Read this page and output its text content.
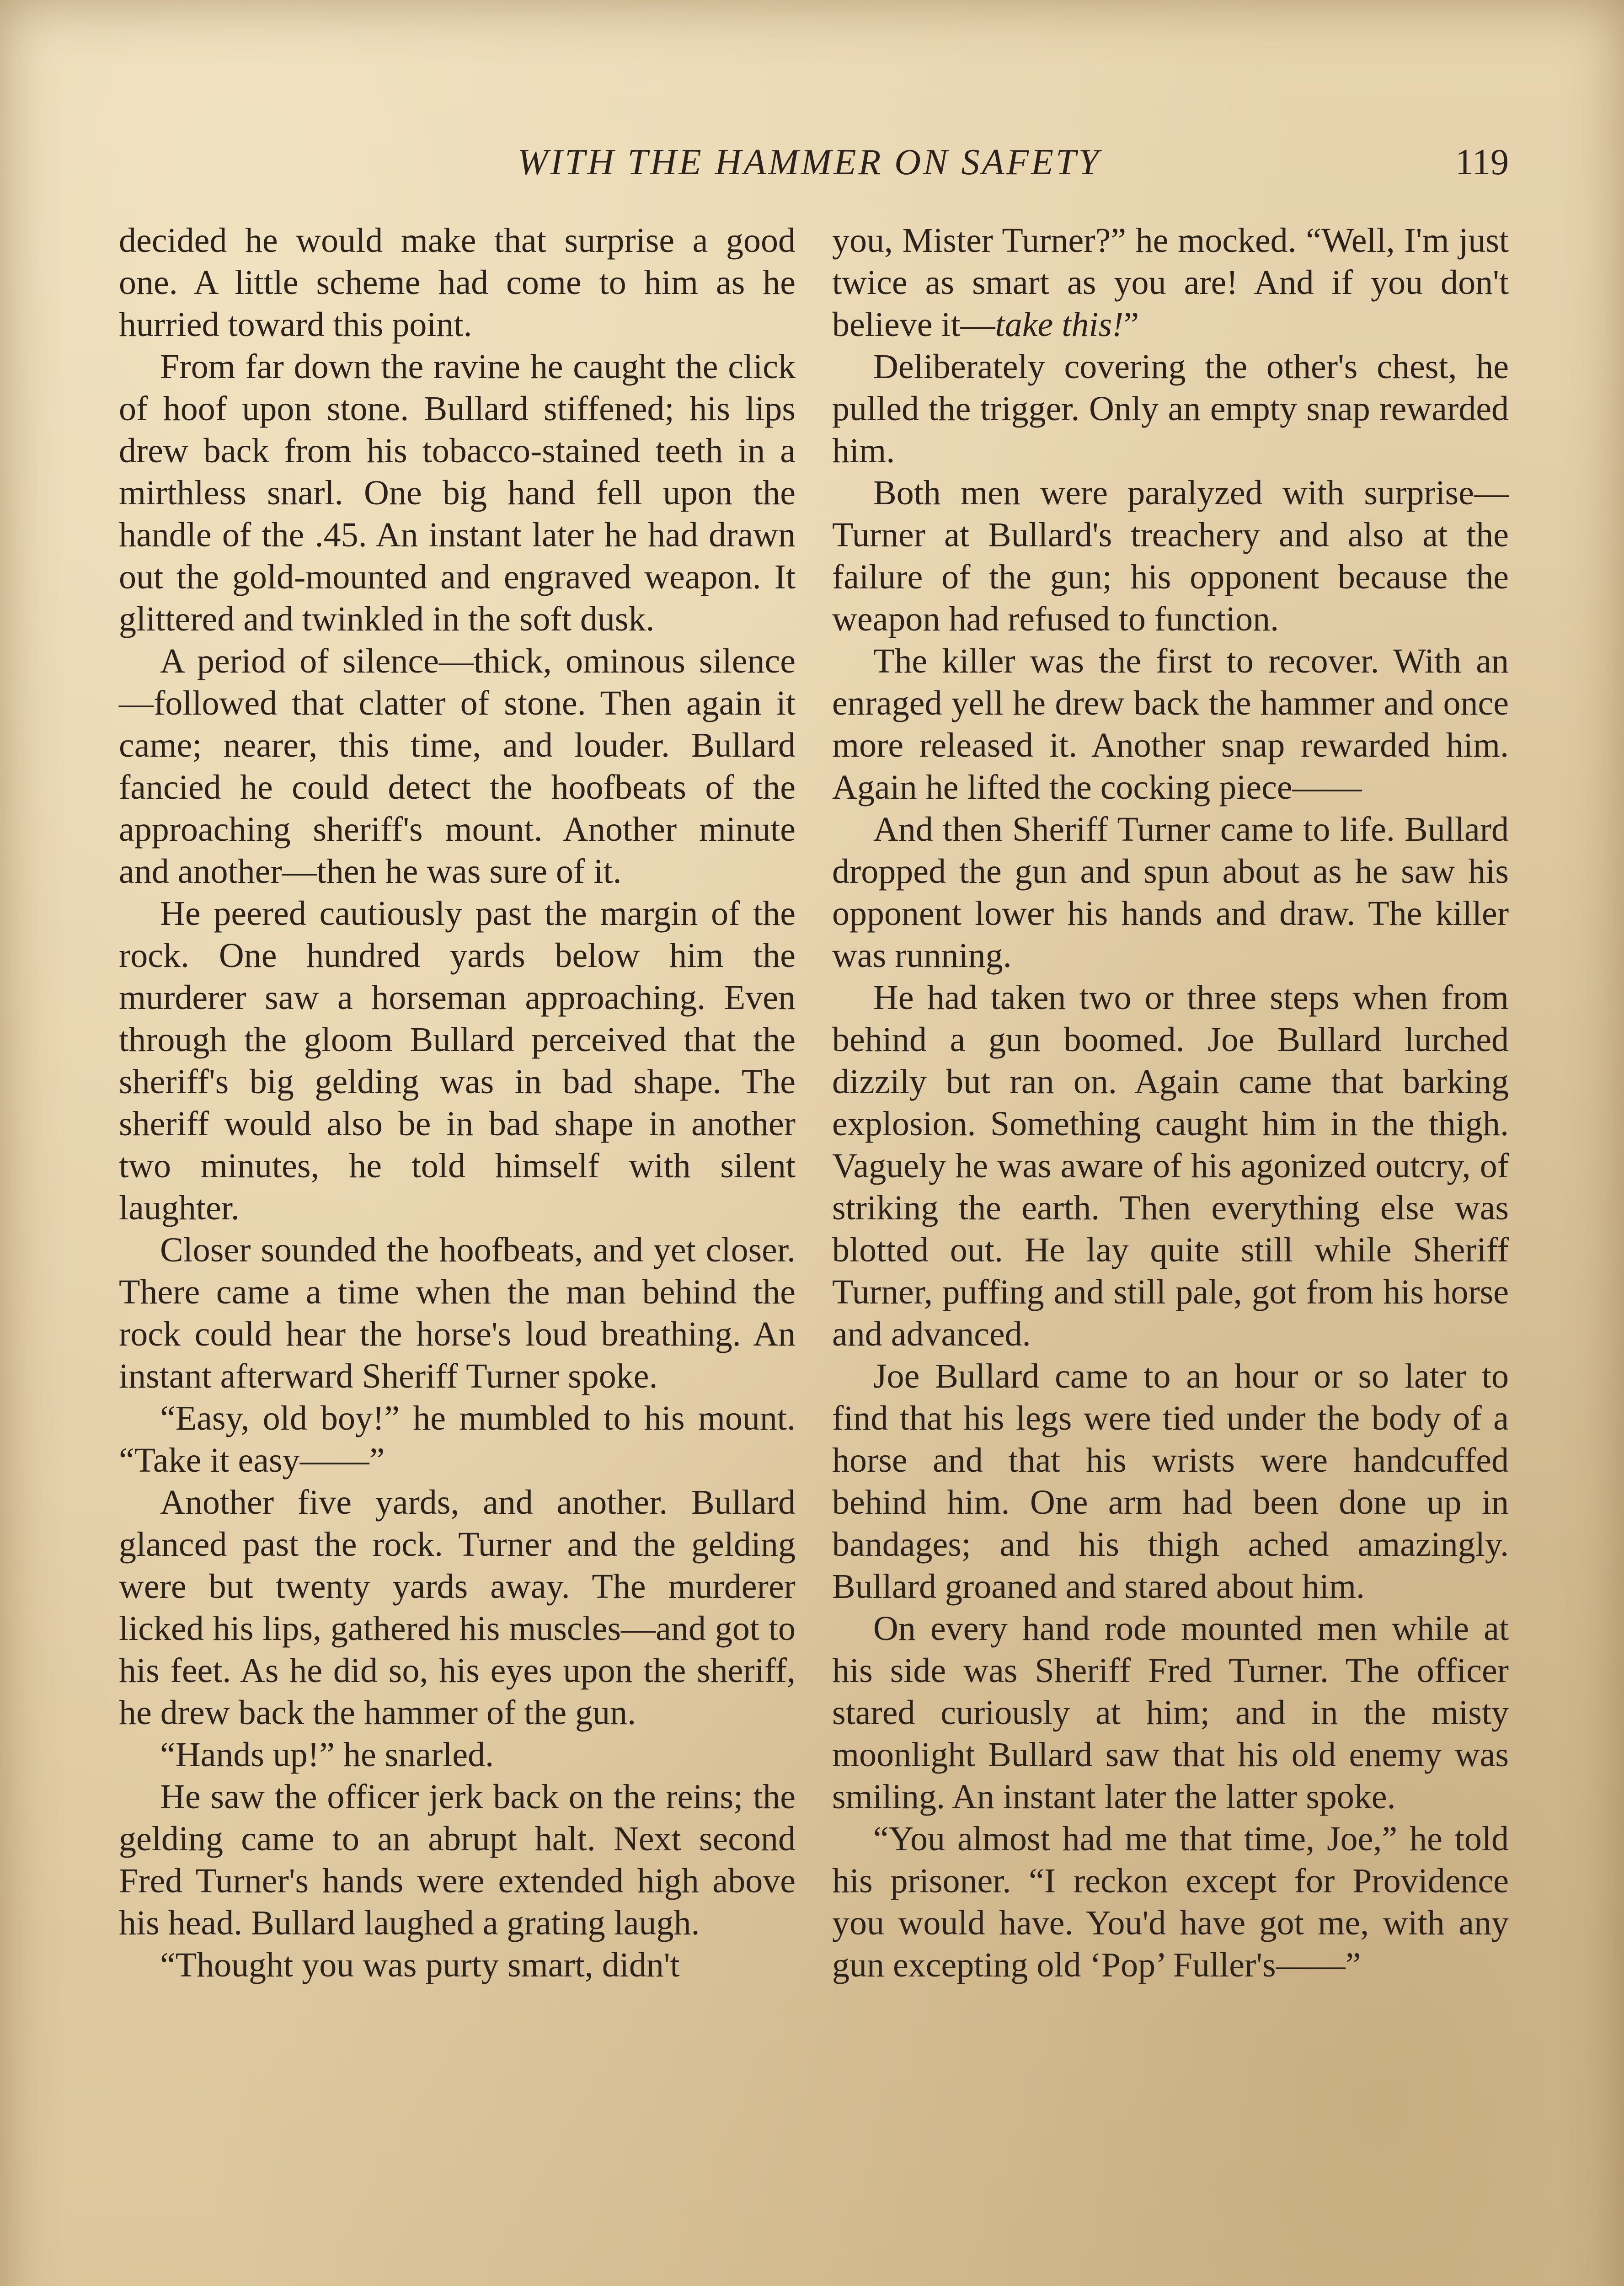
WITH THE HAMMER ON SAFETY	119

decided he would make that surprise a good one. A little scheme had come to him as he hurried toward this point.

From far down the ravine he caught the click of hoof upon stone. Bullard stiffened; his lips drew back from his tobacco-stained teeth in a mirthless snarl. One big hand fell upon the handle of the .45. An instant later he had drawn out the gold-mounted and engraved weapon. It glittered and twinkled in the soft dusk.

A period of silence—thick, ominous silence—followed that clatter of stone. Then again it came; nearer, this time, and louder. Bullard fancied he could detect the hoofbeats of the approaching sheriff's mount. Another minute and another—then he was sure of it.

He peered cautiously past the margin of the rock. One hundred yards below him the murderer saw a horseman approaching. Even through the gloom Bullard perceived that the sheriff's big gelding was in bad shape. The sheriff would also be in bad shape in another two minutes, he told himself with silent laughter.

Closer sounded the hoofbeats, and yet closer. There came a time when the man behind the rock could hear the horse's loud breathing. An instant afterward Sheriff Turner spoke.

“Easy, old boy!” he mumbled to his mount. “Take it easy——”

Another five yards, and another. Bullard glanced past the rock. Turner and the gelding were but twenty yards away. The murderer licked his lips, gathered his muscles—and got to his feet. As he did so, his eyes upon the sheriff, he drew back the hammer of the gun.

“Hands up!” he snarled.

He saw the officer jerk back on the reins; the gelding came to an abrupt halt. Next second Fred Turner's hands were extended high above his head. Bullard laughed a grating laugh.

“Thought you was purty smart, didn't

you, Mister Turner?” he mocked. “Well, I'm just twice as smart as you are! And if you don't believe it—take this!”

Deliberately covering the other's chest, he pulled the trigger. Only an empty snap rewarded him.

Both men were paralyzed with surprise—Turner at Bullard's treachery and also at the failure of the gun; his opponent because the weapon had refused to function.

The killer was the first to recover. With an enraged yell he drew back the hammer and once more released it. Another snap rewarded him. Again he lifted the cocking piece——

And then Sheriff Turner came to life. Bullard dropped the gun and spun about as he saw his opponent lower his hands and draw. The killer was running.

He had taken two or three steps when from behind a gun boomed. Joe Bullard lurched dizzily but ran on. Again came that barking explosion. Something caught him in the thigh. Vaguely he was aware of his agonized outcry, of striking the earth. Then everything else was blotted out. He lay quite still while Sheriff Turner, puffing and still pale, got from his horse and advanced.

Joe Bullard came to an hour or so later to find that his legs were tied under the body of a horse and that his wrists were handcuffed behind him. One arm had been done up in bandages; and his thigh ached amazingly. Bullard groaned and stared about him.

On every hand rode mounted men while at his side was Sheriff Fred Turner. The officer stared curiously at him; and in the misty moonlight Bullard saw that his old enemy was smiling. An instant later the latter spoke.

“You almost had me that time, Joe,” he told his prisoner. “I reckon except for Providence you would have. You'd have got me, with any gun excepting old ‘Pop’ Fuller's——”
